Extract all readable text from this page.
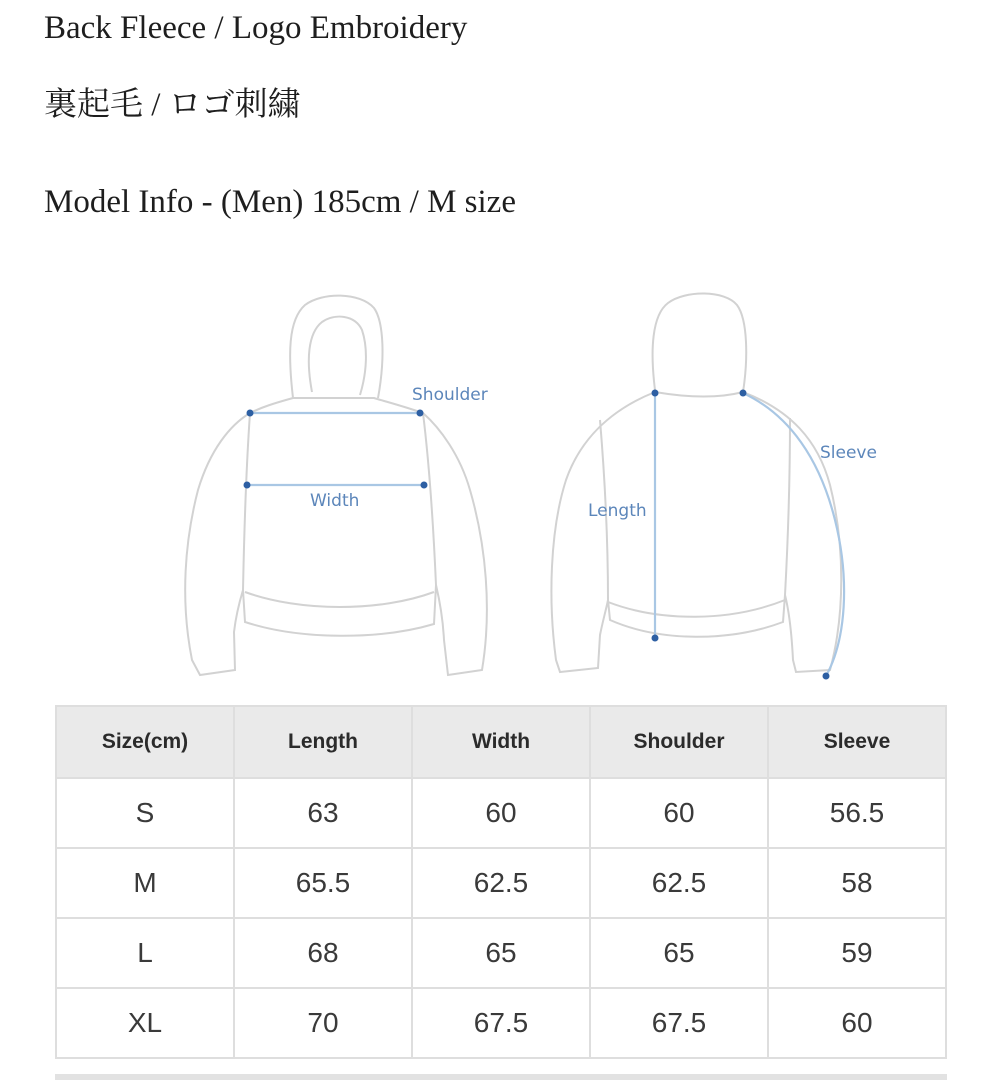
Back Fleece / Logo Embroidery

裏起毛 / ロゴ刺繍

Model Info - (Men) 185cm / M size

Shoulder
Width	Length
Sleeve
Size(cm)	Length	Width	Shoulder	Sleeve
S	63	60	60	56.5
M	65.5	62.5	62.5	58
L	68	65	65	59
XL	70	67.5	67.5	60
